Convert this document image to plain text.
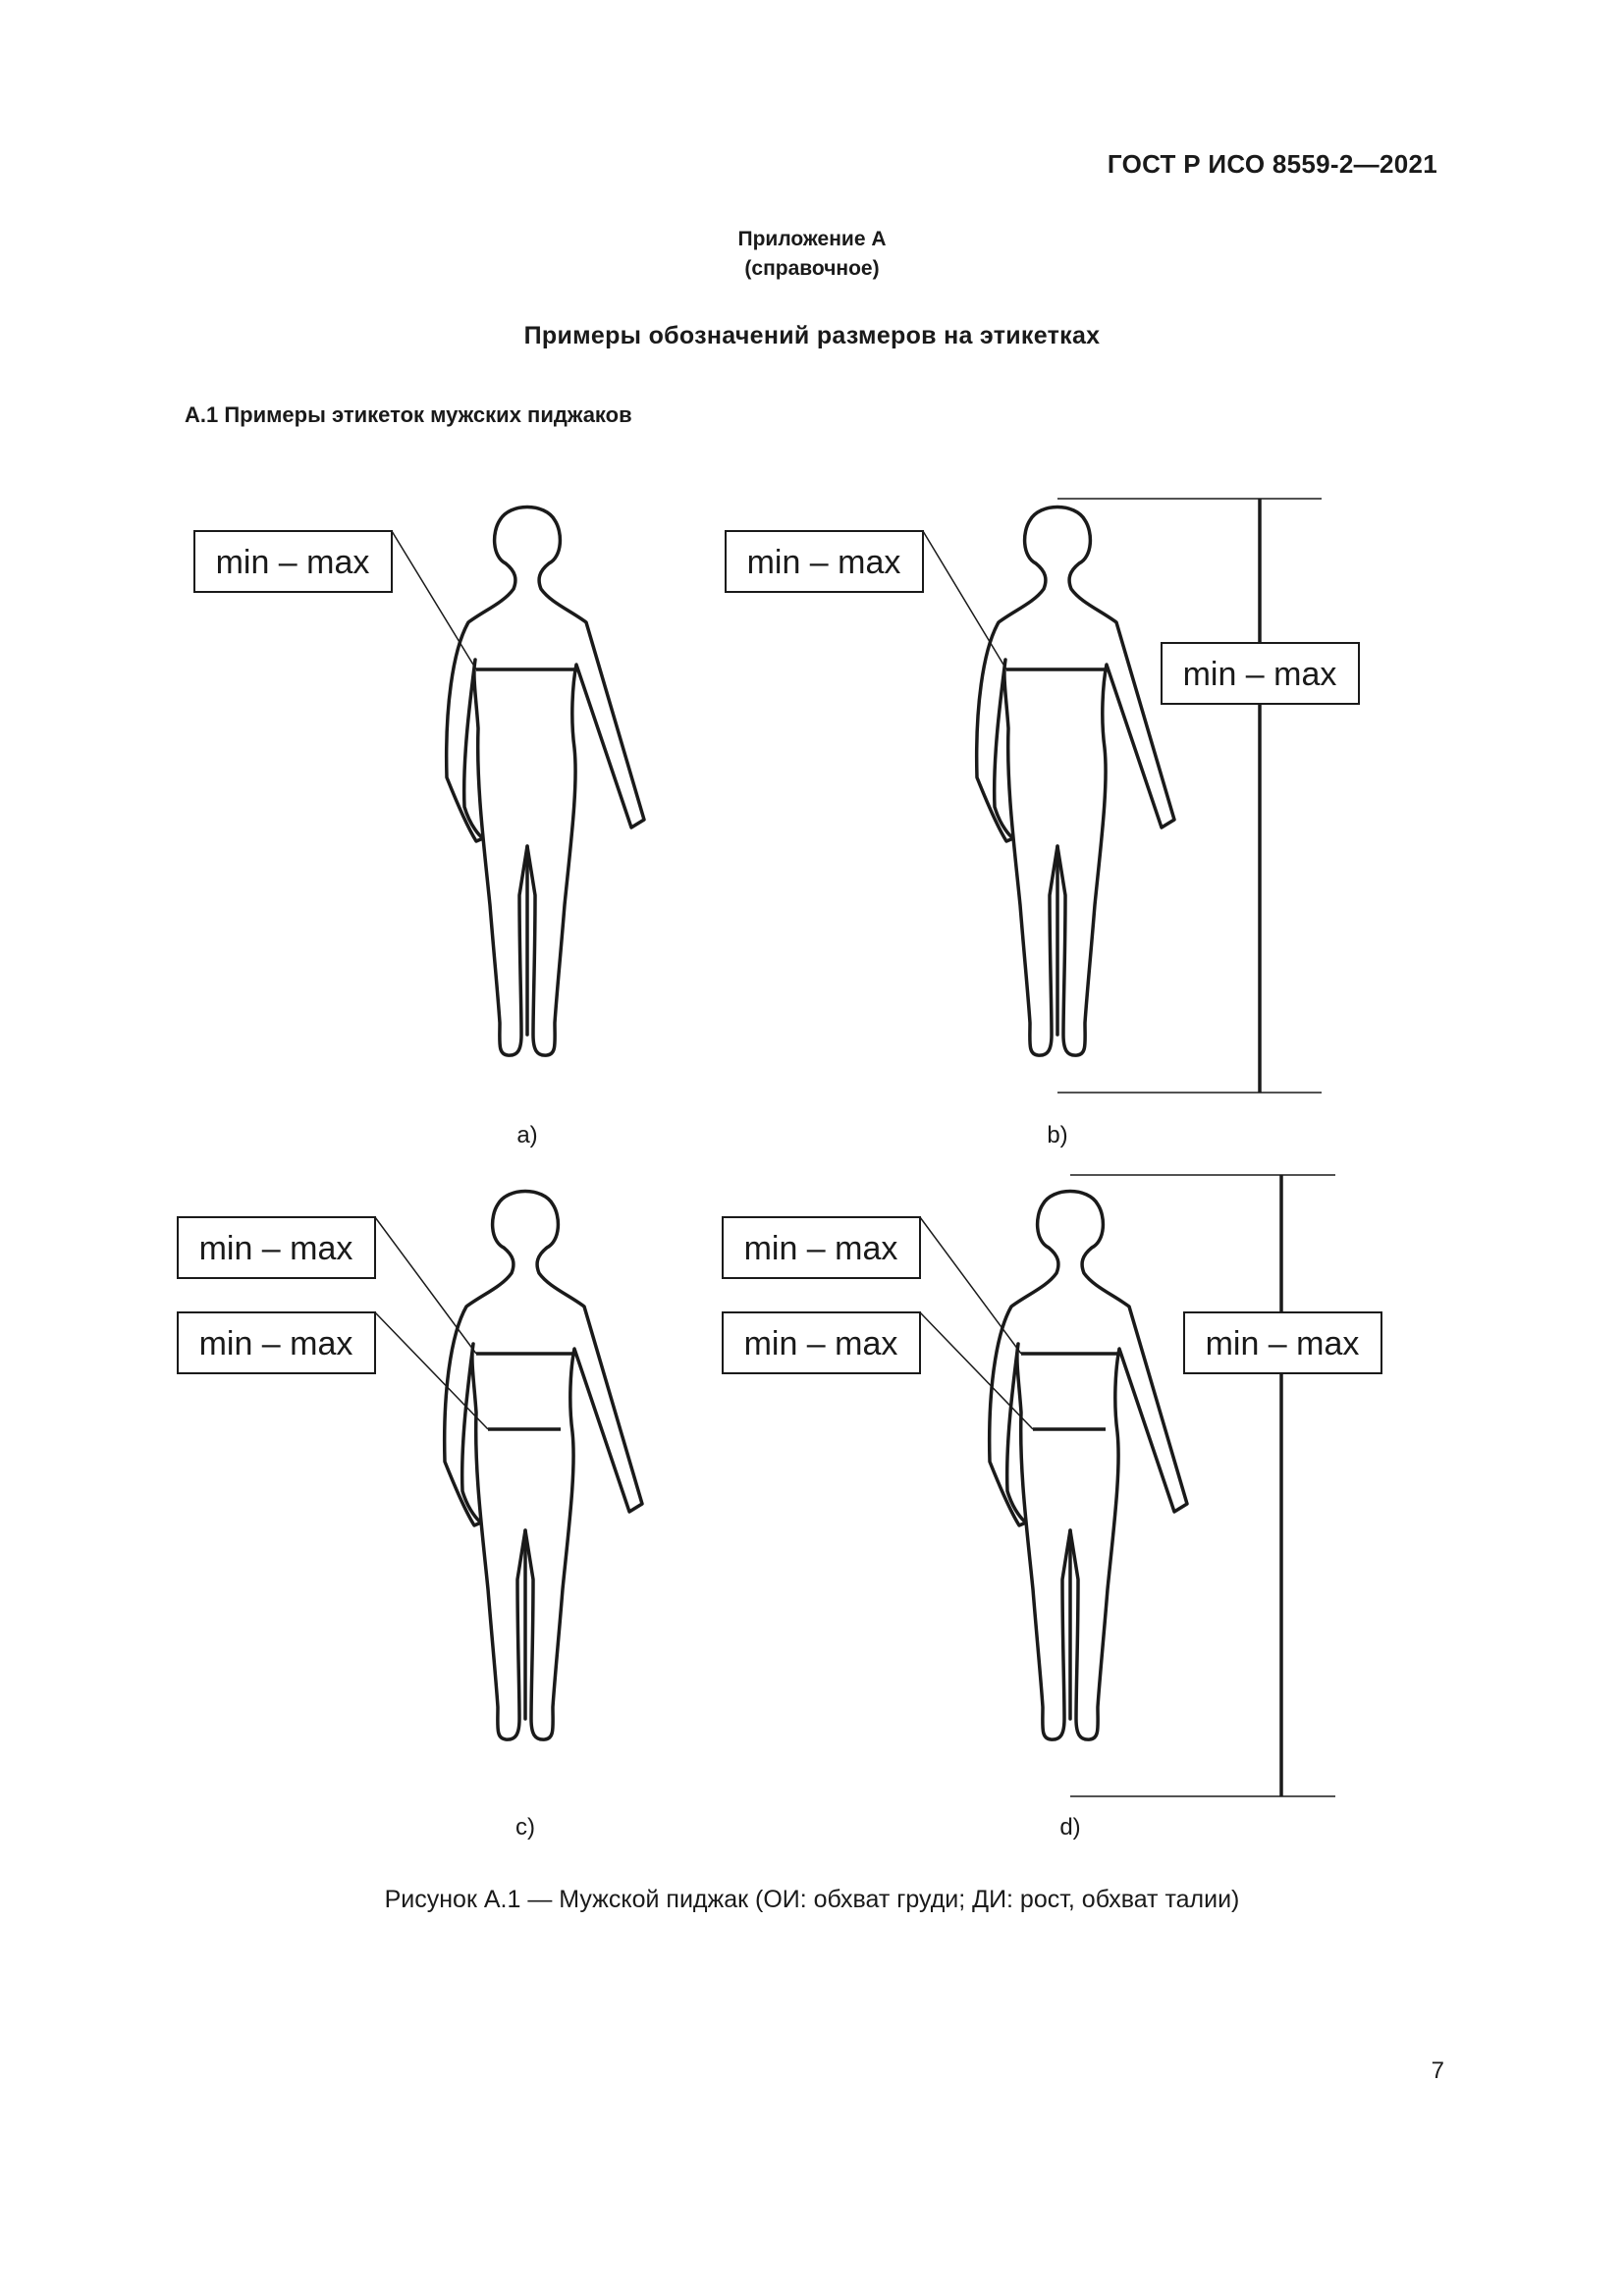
ГОСТ Р ИСО 8559-2—2021
Приложение А
(справочное)
Примеры обозначений размеров на этикетках
А.1 Примеры этикеток мужских пиджаков
min – max
a)
min – max
min – max
b)
min – max
min – max
c)
min – max
min – max	min – max
d)
Рисунок А.1 — Мужской пиджак (ОИ: обхват груди; ДИ: рост, обхват талии)
7
